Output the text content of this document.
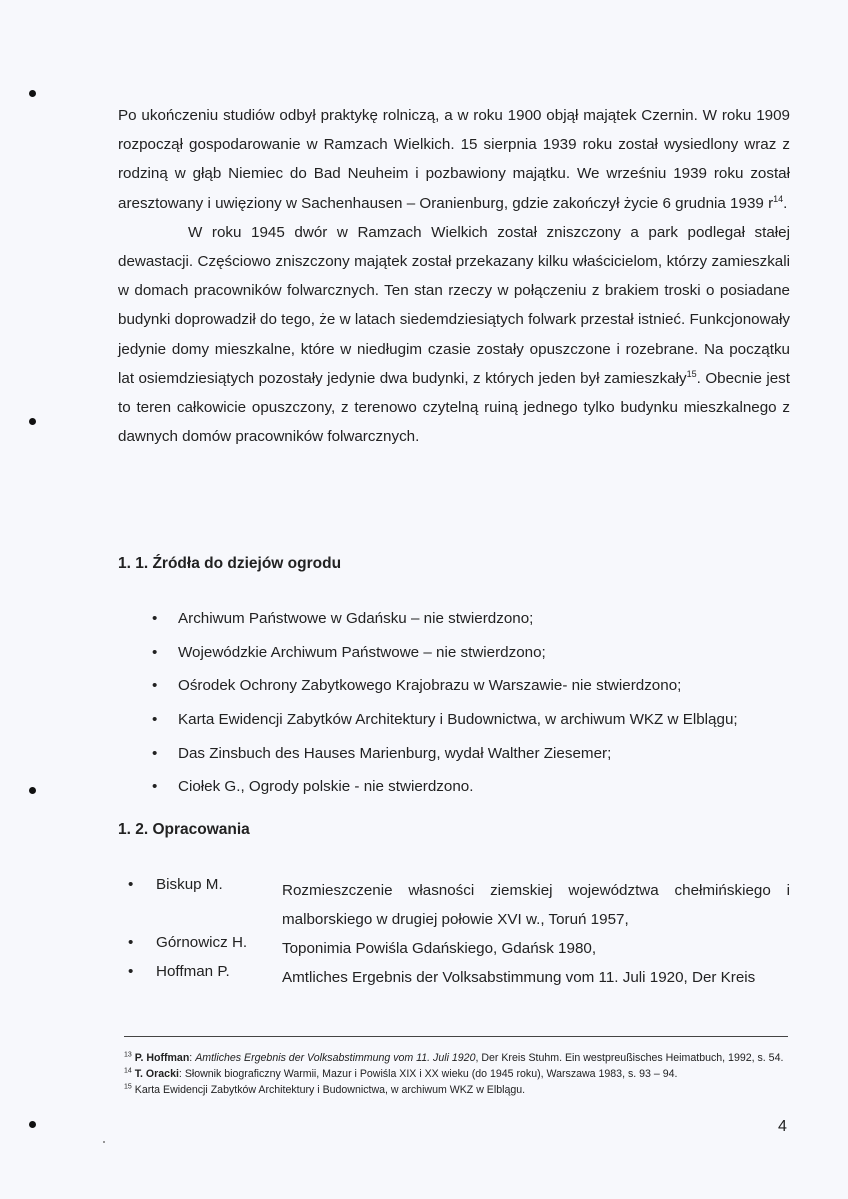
Po ukończeniu studiów odbył praktykę rolniczą, a w roku 1900 objął majątek Czernin. W roku 1909 rozpoczął gospodarowanie w Ramzach Wielkich. 15 sierpnia 1939 roku został wysiedlony wraz z rodziną w głąb Niemiec do Bad Neuheim i pozbawiony majątku. We wrześniu 1939 roku został aresztowany i uwięziony w Sachenhausen – Oranienburg, gdzie zakończył życie 6 grudnia 1939 $r^{14}$.

W roku 1945 dwór w Ramzach Wielkich został zniszczony a park podlegał stałej dewastacji. Częściowo zniszczony majątek został przekazany kilku właścicielom, którzy zamieszkali w domach pracowników folwarcznych. Ten stan rzeczy w połączeniu z brakiem troski o posiadane budynki doprowadził do tego, że w latach siedemdziesiątych folwark przestał istnieć. Funkcjonowały jedynie domy mieszkalne, które w niedługim czasie zostały opuszczone i rozebrane. Na początku lat osiemdziesiątych pozostały jedynie dwa budynki, z których jeden był zamieszkały$^{15}$. Obecnie jest to teren całkowicie opuszczony, z terenowo czytelną ruiną jednego tylko budynku mieszkalnego z dawnych domów pracowników folwarcznych.

1. 1. Źródła do dziejów ogrodu
• Archiwum Państwowe w Gdańsku – nie stwierdzono;
• Wojewódzkie Archiwum Państwowe – nie stwierdzono;
• Ośrodek Ochrony Zabytkowego Krajobrazu w Warszawie- nie stwierdzono;
• Karta Ewidencji Zabytków Architektury i Budownictwa, w archiwum WKZ w Elblągu;
• Das Zinsbuch des Hauses Marienburg, wydał Walther Ziesemer;
• Ciołek G., Ogrody polskie - nie stwierdzono.
1. 2. Opracowania
• Biskup M.	Rozmieszczenie własności ziemskiej województwa chełmińskiego i malborskiego w drugiej połowie XVI w., Toruń 1957,
• Górnowicz H. Toponimia Powiśla Gdańskiego, Gdańsk 1980,
• Hoffman P.	Amtliches Ergebnis der Volksabstimmung vom 11. Juli 1920, Der Kreis

$^{13}$ P. Hoffman: Amtliches Ergebnis der Volksabstimmung vom 11. Juli 1920, Der Kreis Stuhm. Ein westpreußisches Heimatbuch, 1992, s. 54.

$^{14}$ T. Oracki: Słownik biograficzny Warmii, Mazur i Powiśla XIX i XX wieku (do 1945 roku), Warszawa 1983, s. 93 – 94.

$^{15}$ Karta Ewidencji Zabytków Architektury i Budownictwa, w archiwum WKZ w Elblągu.

4
